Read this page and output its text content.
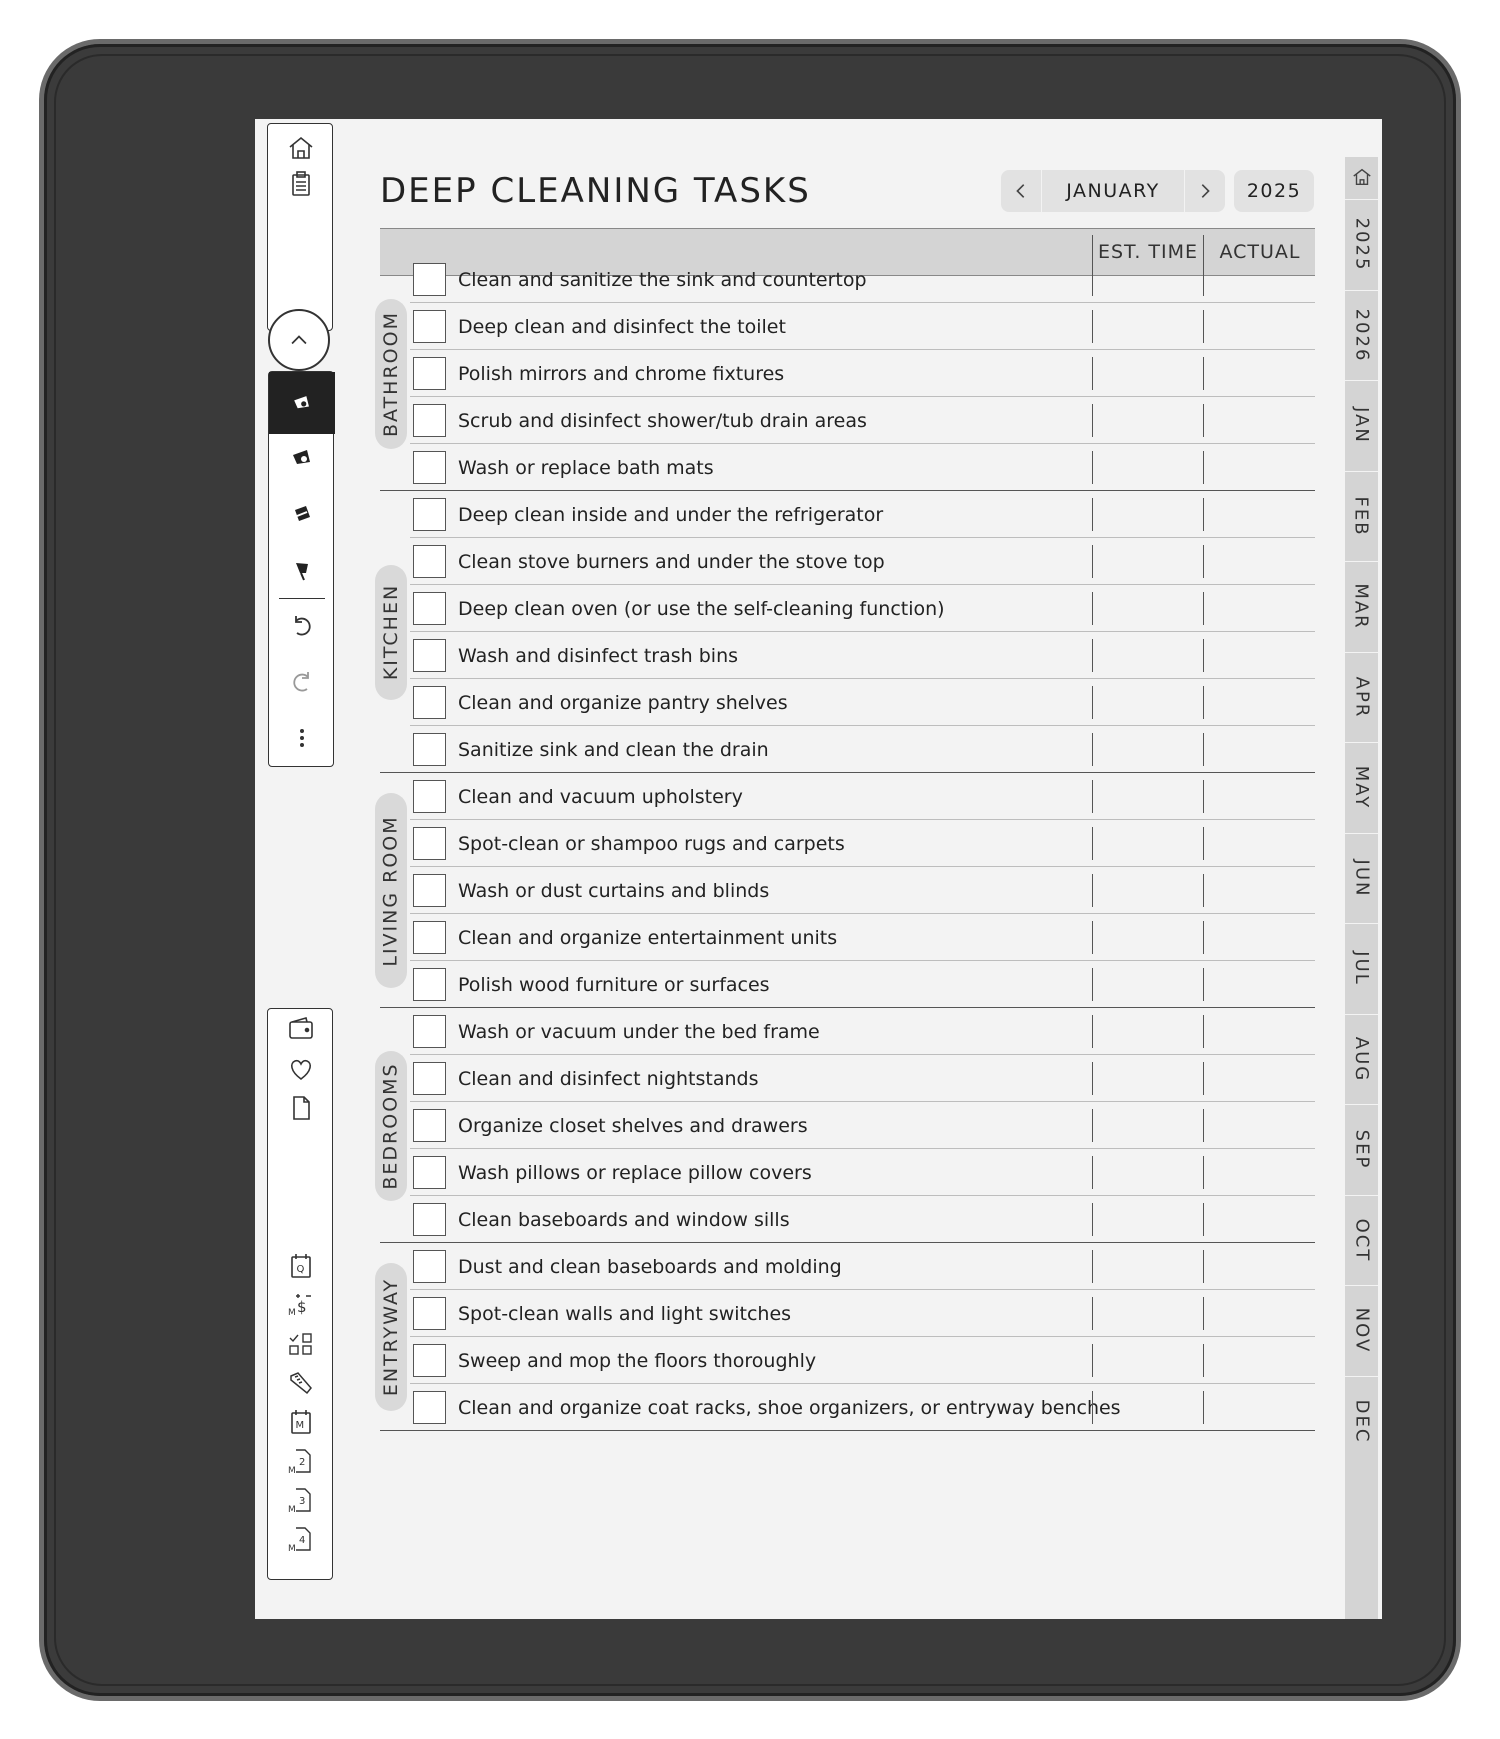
Q
M $
M
M
2
M
3
M
4
DEEP CLEANING TASKS	JANUARY	2025
EST. TIME	ACTUAL
Clean and sanitize the sink and countertop
Deep clean and disinfect the toilet
Polish mirrors and chrome fixtures
Scrub and disinfect shower/tub drain areas
Wash or replace bath mats
BATHROOM
Deep clean inside and under the refrigerator
Clean stove burners and under the stove top
Deep clean oven (or use the self-cleaning function)
Wash and disinfect trash bins
Clean and organize pantry shelves
Sanitize sink and clean the drain
KITCHEN
Clean and vacuum upholstery
Spot-clean or shampoo rugs and carpets
Wash or dust curtains and blinds
Clean and organize entertainment units
Polish wood furniture or surfaces
LIVING ROOM
Wash or vacuum under the bed frame
Clean and disinfect nightstands
Organize closet shelves and drawers
Wash pillows or replace pillow covers
Clean baseboards and window sills
BEDROOMS
Dust and clean baseboards and molding
Spot-clean walls and light switches
Sweep and mop the floors thoroughly
Clean and organize coat racks, shoe organizers, or entryway benches
ENTRYWAY
2025
2026
JAN
FEB
MAR
APR
MAY
JUN
JUL
AUG
SEP
OCT
NOV
DEC
